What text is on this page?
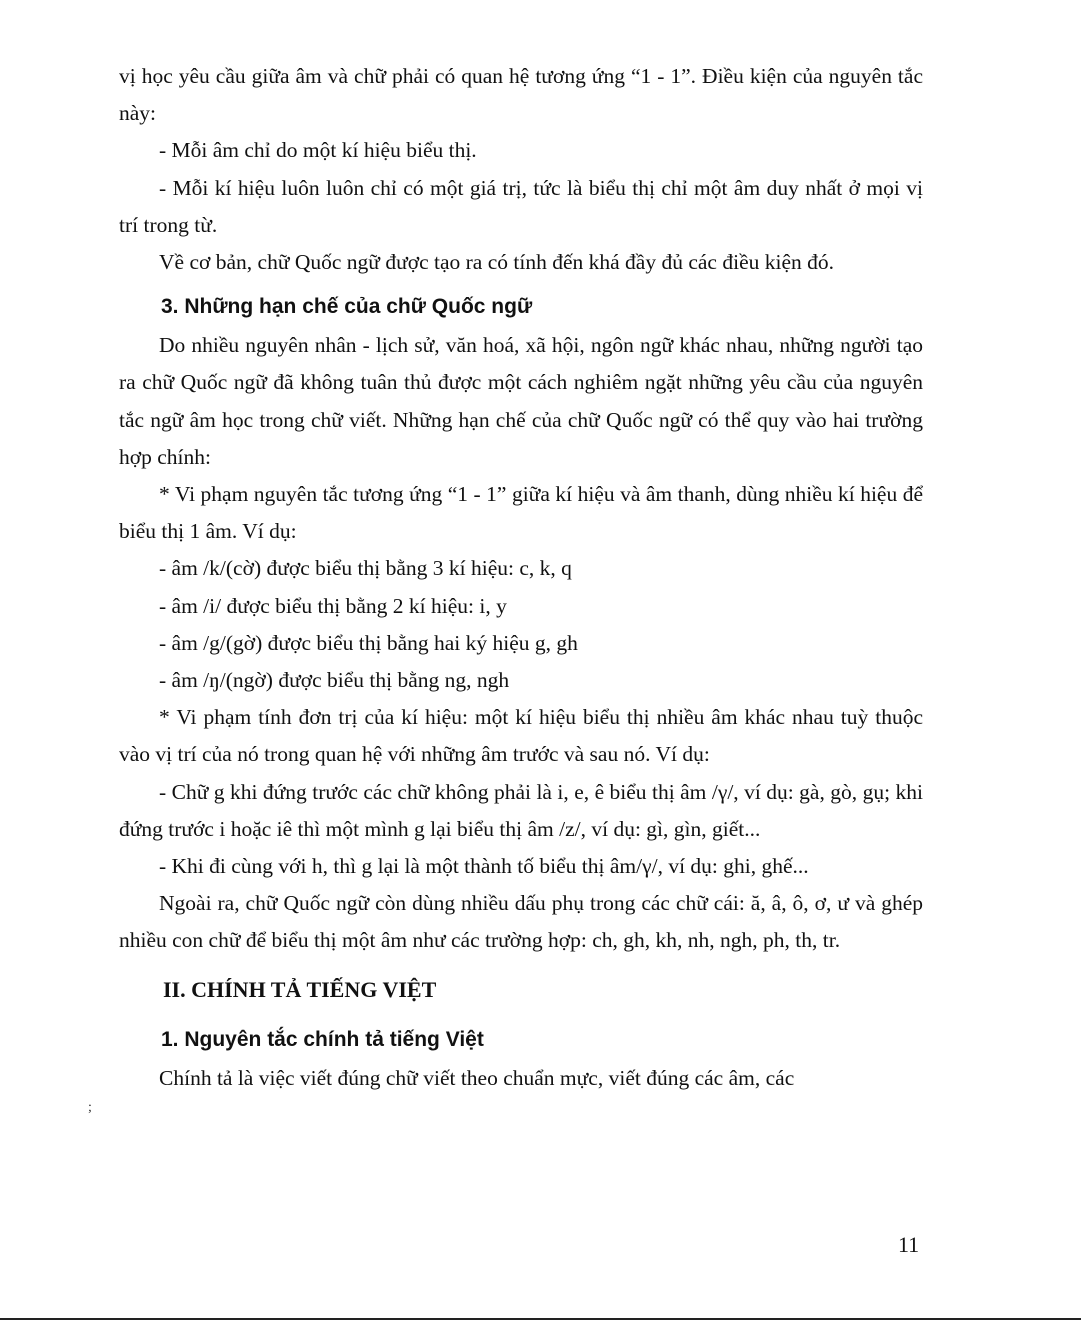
vị học yêu cầu giữa âm và chữ phải có quan hệ tương ứng “1 - 1”. Điều kiện của nguyên tắc này:

- Mỗi âm chỉ do một kí hiệu biểu thị.

- Mỗi kí hiệu luôn luôn chỉ có một giá trị, tức là biểu thị chỉ một âm duy nhất ở mọi vị trí trong từ.

Về cơ bản, chữ Quốc ngữ được tạo ra có tính đến khá đầy đủ các điều kiện đó.

3. Những hạn chế của chữ Quốc ngữ

Do nhiều nguyên nhân - lịch sử, văn hoá, xã hội, ngôn ngữ khác nhau, những người tạo ra chữ Quốc ngữ đã không tuân thủ được một cách nghiêm ngặt những yêu cầu của nguyên tắc ngữ âm học trong chữ viết. Những hạn chế của chữ Quốc ngữ có thể quy vào hai trường hợp chính:

* Vi phạm nguyên tắc tương ứng “1 - 1” giữa kí hiệu và âm thanh, dùng nhiều kí hiệu để biểu thị 1 âm. Ví dụ:

- âm /k/(cờ) được biểu thị bằng 3 kí hiệu: c, k, q

- âm /i/ được biểu thị bằng 2 kí hiệu: i, y

- âm /g/(gờ) được biểu thị bằng hai ký hiệu g, gh

- âm /ŋ/(ngờ) được biểu thị bằng ng, ngh

* Vi phạm tính đơn trị của kí hiệu: một kí hiệu biểu thị nhiều âm khác nhau tuỳ thuộc vào vị trí của nó trong quan hệ với những âm trước và sau nó. Ví dụ:

- Chữ g khi đứng trước các chữ không phải là i, e, ê biểu thị âm /γ/, ví dụ: gà, gò, gụ; khi đứng trước i hoặc iê thì một mình g lại biểu thị âm /z/, ví dụ: gì, gìn, giết...

- Khi đi cùng với h, thì g lại là một thành tố biểu thị âm/γ/, ví dụ: ghi, ghế...

Ngoài ra, chữ Quốc ngữ còn dùng nhiều dấu phụ trong các chữ cái: ă, â, ô, ơ, ư và ghép nhiều con chữ để biểu thị một âm như các trường hợp: ch, gh, kh, nh, ngh, ph, th, tr.

II. CHÍNH TẢ TIẾNG VIỆT
1. Nguyên tắc chính tả tiếng Việt

Chính tả là việc viết đúng chữ viết theo chuẩn mực, viết đúng các âm, các

;
11
